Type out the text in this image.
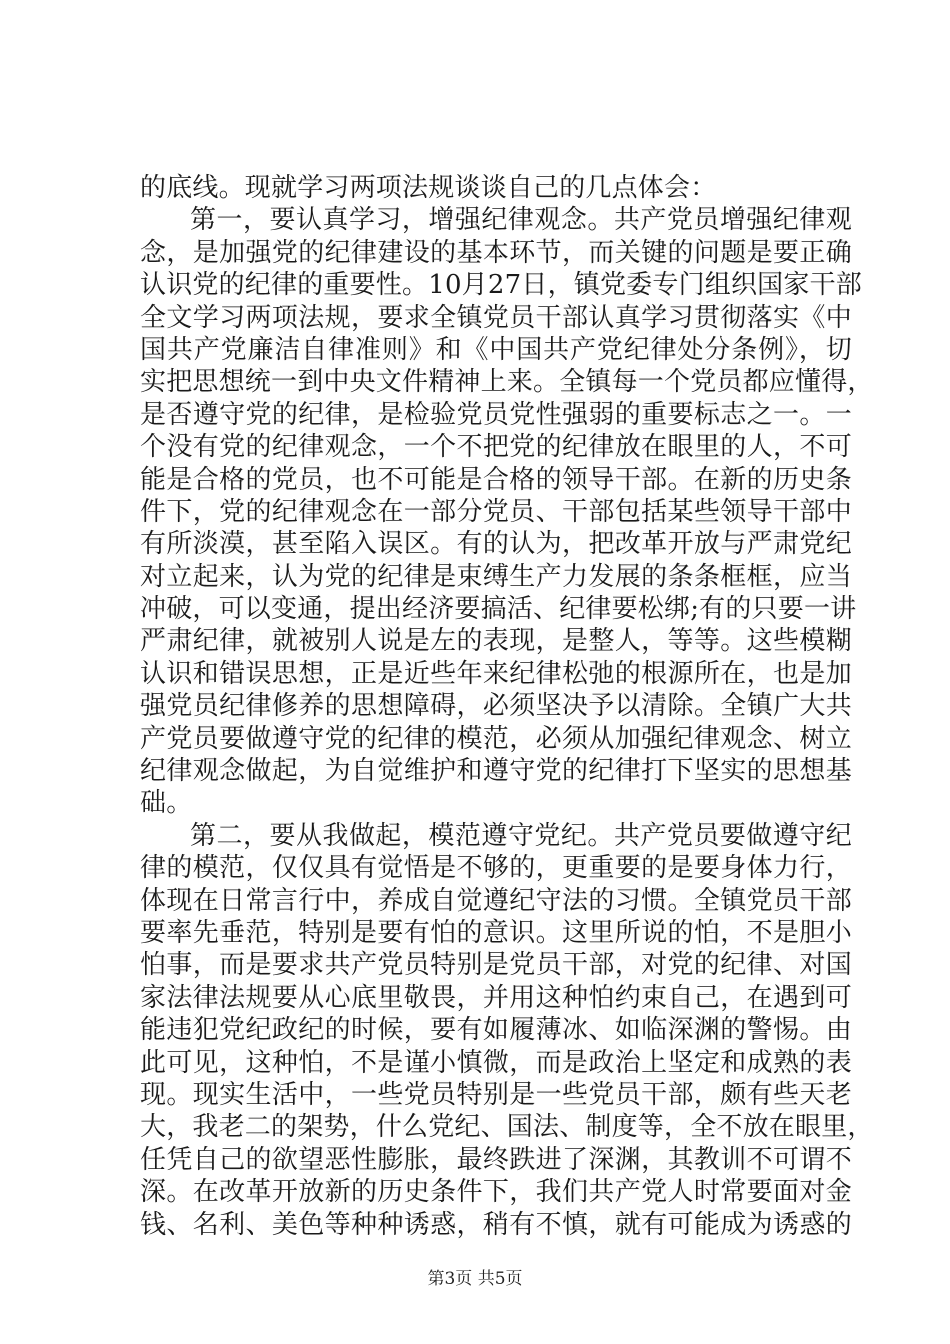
的底线。现就学习两项法规谈谈自己的几点体会：
第一，要认真学习，增强纪律观念。共产党员增强纪律观
念，是加强党的纪律建设的基本环节，而关键的问题是要正确
认识党的纪律的重要性。10月27日，镇党委专门组织国家干部
全文学习两项法规，要求全镇党员干部认真学习贯彻落实《中
国共产党廉洁自律准则》和《中国共产党纪律处分条例》，切
实把思想统一到中央文件精神上来。全镇每一个党员都应懂得，
是否遵守党的纪律，是检验党员党性强弱的重要标志之一。一
个没有党的纪律观念，一个不把党的纪律放在眼里的人，不可
能是合格的党员，也不可能是合格的领导干部。在新的历史条
件下，党的纪律观念在一部分党员、干部包括某些领导干部中
有所淡漠，甚至陷入误区。有的认为，把改革开放与严肃党纪
对立起来，认为党的纪律是束缚生产力发展的条条框框，应当
冲破，可以变通，提出经济要搞活、纪律要松绑;有的只要一讲
严肃纪律，就被别人说是左的表现，是整人，等等。这些模糊
认识和错误思想，正是近些年来纪律松弛的根源所在，也是加
强党员纪律修养的思想障碍，必须坚决予以清除。全镇广大共
产党员要做遵守党的纪律的模范，必须从加强纪律观念、树立
纪律观念做起，为自觉维护和遵守党的纪律打下坚实的思想基
础。
第二，要从我做起，模范遵守党纪。共产党员要做遵守纪
律的模范，仅仅具有觉悟是不够的，更重要的是要身体力行，
体现在日常言行中，养成自觉遵纪守法的习惯。全镇党员干部
要率先垂范，特别是要有怕的意识。这里所说的怕，不是胆小
怕事，而是要求共产党员特别是党员干部，对党的纪律、对国
家法律法规要从心底里敬畏，并用这种怕约束自己，在遇到可
能违犯党纪政纪的时候，要有如履薄冰、如临深渊的警惕。由
此可见，这种怕，不是谨小慎微，而是政治上坚定和成熟的表
现。现实生活中，一些党员特别是一些党员干部，颇有些天老
大，我老二的架势，什么党纪、国法、制度等，全不放在眼里，
任凭自己的欲望恶性膨胀，最终跌进了深渊，其教训不可谓不
深。在改革开放新的历史条件下，我们共产党人时常要面对金
钱、名利、美色等种种诱惑，稍有不慎，就有可能成为诱惑的
第3页 共5页
